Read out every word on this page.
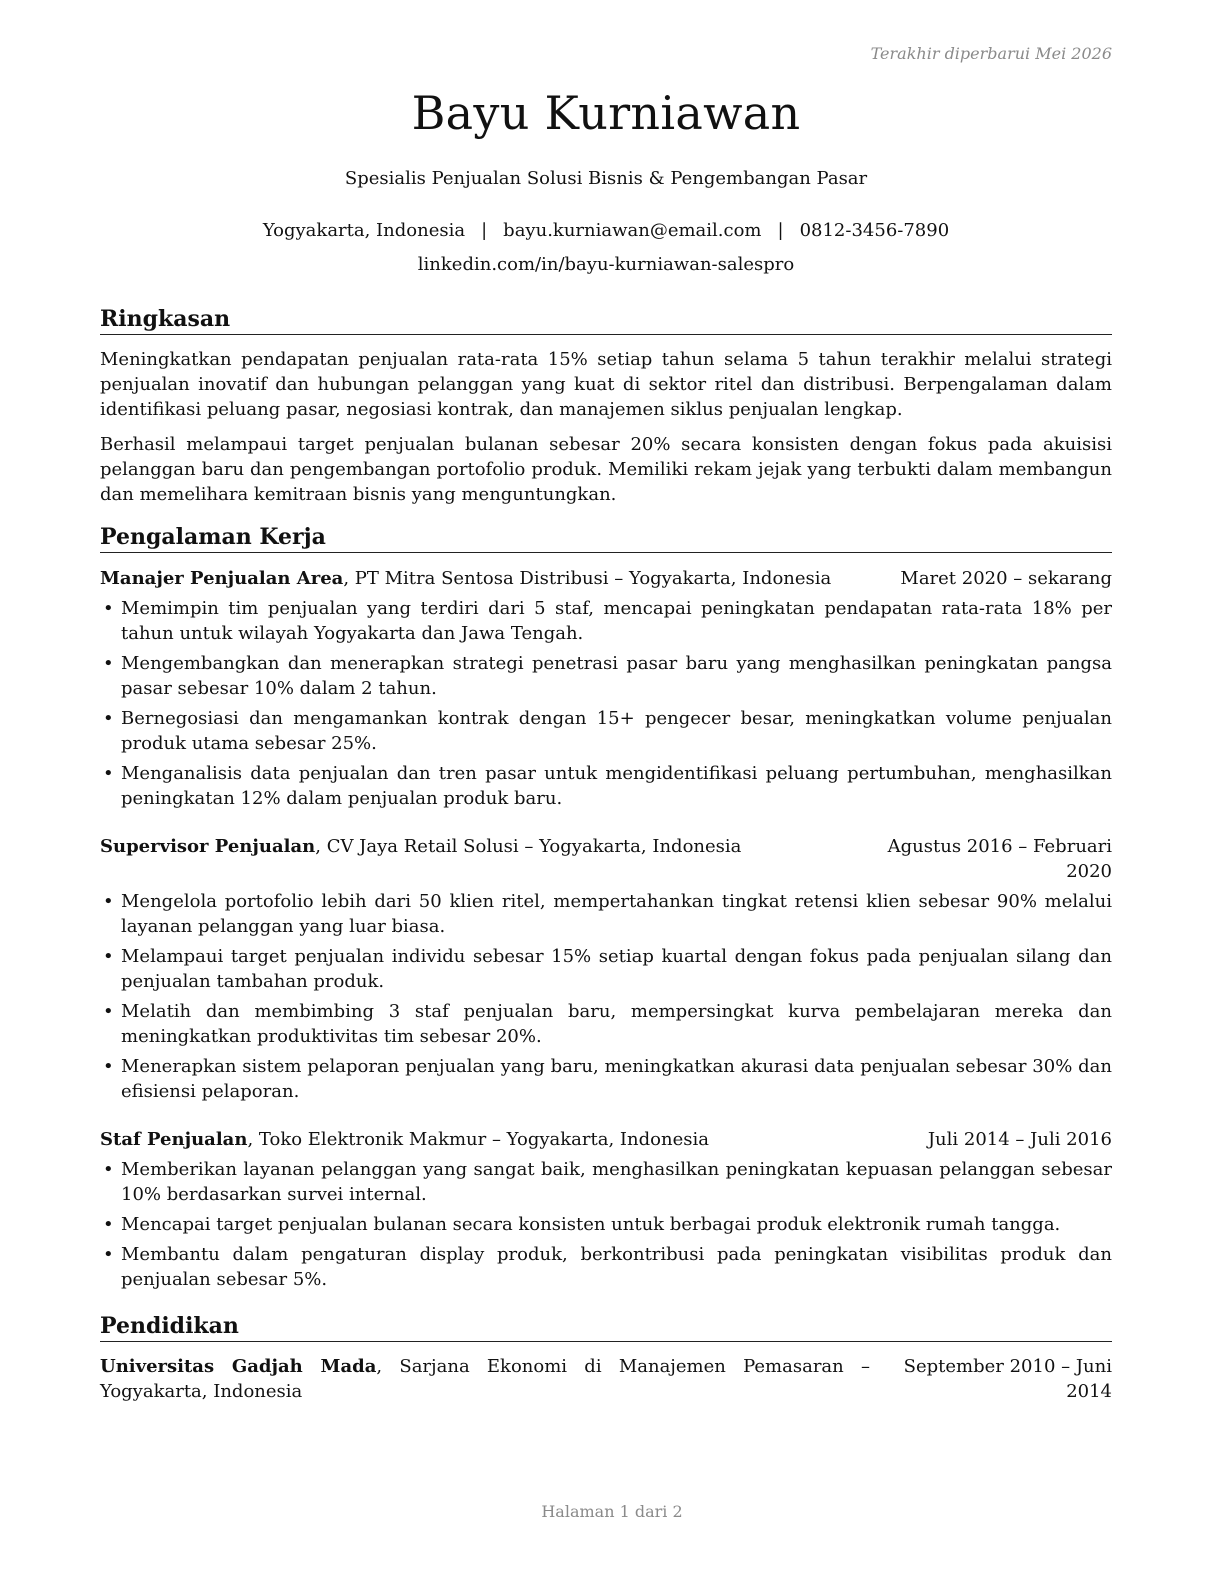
Terakhir diperbarui Mei 2026
Bayu Kurniawan
Spesialis Penjualan Solusi Bisnis & Pengembangan Pasar
Yogyakarta, Indonesia | bayu.kurniawan@email.com | 0812-3456-7890
linkedin.com/in/bayu-kurniawan-salespro
Ringkasan

Meningkatkan pendapatan penjualan rata-rata 15% setiap tahun selama 5 tahun terakhir melalui strategi penjualan inovatif dan hubungan pelanggan yang kuat di sektor ritel dan distribusi. Berpengalaman dalam identifikasi peluang pasar, negosiasi kontrak, dan manajemen siklus penjualan lengkap.

Berhasil melampaui target penjualan bulanan sebesar 20% secara konsisten dengan fokus pada akuisisi pelanggan baru dan pengembangan portofolio produk. Memiliki rekam jejak yang terbukti dalam membangun dan memelihara kemitraan bisnis yang menguntungkan.

Pengalaman Kerja
Manajer Penjualan Area, PT Mitra Sentosa Distribusi – Yogyakarta, Indonesia	Maret 2020 – sekarang
• Memimpin tim penjualan yang terdiri dari 5 staf, mencapai peningkatan pendapatan rata-rata 18% per tahun untuk wilayah Yogyakarta dan Jawa Tengah.
• Mengembangkan dan menerapkan strategi penetrasi pasar baru yang menghasilkan peningkatan pangsa pasar sebesar 10% dalam 2 tahun.
• Bernegosiasi dan mengamankan kontrak dengan 15+ pengecer besar, meningkatkan volume penjualan produk utama sebesar 25%.
• Menganalisis data penjualan dan tren pasar untuk mengidentifikasi peluang pertumbuhan, menghasilkan peningkatan 12% dalam penjualan produk baru.
Supervisor Penjualan, CV Jaya Retail Solusi – Yogyakarta, Indonesia	Agustus 2016 – Februari 2020
• Mengelola portofolio lebih dari 50 klien ritel, mempertahankan tingkat retensi klien sebesar 90% melalui layanan pelanggan yang luar biasa.
• Melampaui target penjualan individu sebesar 15% setiap kuartal dengan fokus pada penjualan silang dan penjualan tambahan produk.
• Melatih dan membimbing 3 staf penjualan baru, mempersingkat kurva pembelajaran mereka dan meningkatkan produktivitas tim sebesar 20%.
• Menerapkan sistem pelaporan penjualan yang baru, meningkatkan akurasi data penjualan sebesar 30% dan efisiensi pelaporan.
Staf Penjualan, Toko Elektronik Makmur – Yogyakarta, Indonesia	Juli 2014 – Juli 2016
• Memberikan layanan pelanggan yang sangat baik, menghasilkan peningkatan kepuasan pelanggan sebesar 10% berdasarkan survei internal.
• Mencapai target penjualan bulanan secara konsisten untuk berbagai produk elektronik rumah tangga.
• Membantu dalam pengaturan display produk, berkontribusi pada peningkatan visibilitas produk dan penjualan sebesar 5%.
Pendidikan
Universitas Gadjah Mada, Sarjana Ekonomi di Manajemen Pemasaran – Yogyakarta, Indonesia
September 2010 – Juni 2014
Halaman 1 dari 2
